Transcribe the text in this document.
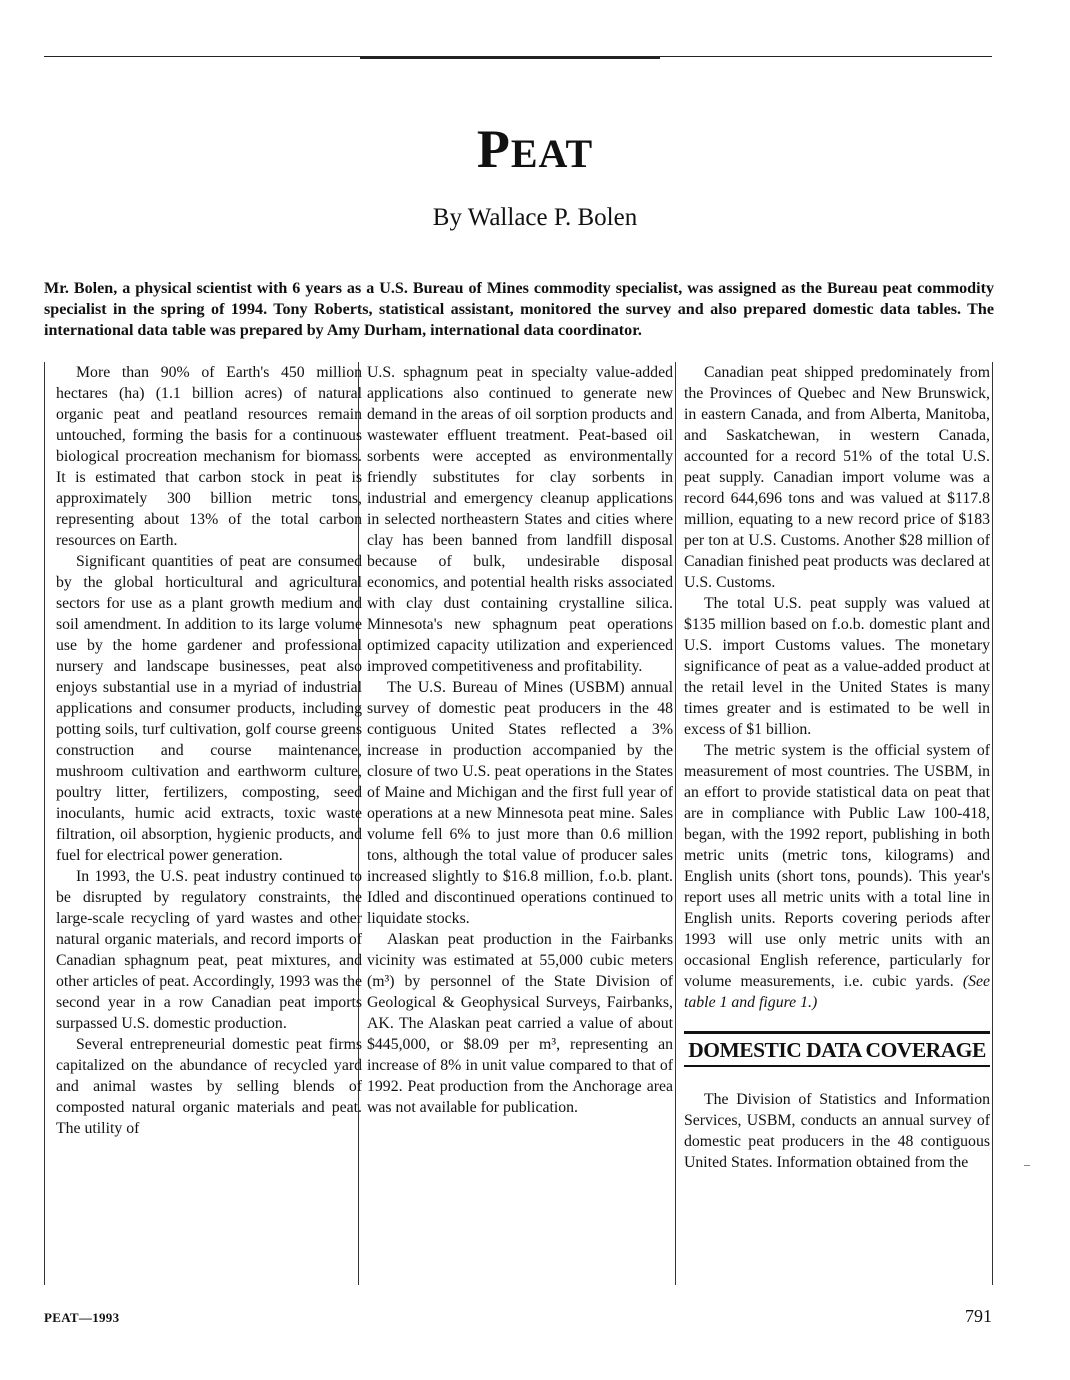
PEAT
By Wallace P. Bolen
Mr. Bolen, a physical scientist with 6 years as a U.S. Bureau of Mines commodity specialist, was assigned as the Bureau peat commodity specialist in the spring of 1994. Tony Roberts, statistical assistant, monitored the survey and also prepared domestic data tables. The international data table was prepared by Amy Durham, international data coordinator.

More than 90% of Earth's 450 million hectares (ha) (1.1 billion acres) of natural organic peat and peatland resources remain untouched, forming the basis for a continuous biological procreation mechanism for biomass. It is estimated that carbon stock in peat is approximately 300 billion metric tons, representing about 13% of the total carbon resources on Earth.

Significant quantities of peat are consumed by the global horticultural and agricultural sectors for use as a plant growth medium and soil amendment. In addition to its large volume use by the home gardener and professional nursery and landscape businesses, peat also enjoys substantial use in a myriad of industrial applications and consumer products, including potting soils, turf cultivation, golf course greens construction and course maintenance, mushroom cultivation and earthworm culture, poultry litter, fertilizers, composting, seed inoculants, humic acid extracts, toxic waste filtration, oil absorption, hygienic products, and fuel for electrical power generation.

In 1993, the U.S. peat industry continued to be disrupted by regulatory constraints, the large-scale recycling of yard wastes and other natural organic materials, and record imports of Canadian sphagnum peat, peat mixtures, and other articles of peat. Accordingly, 1993 was the second year in a row Canadian peat imports surpassed U.S. domestic production.

Several entrepreneurial domestic peat firms capitalized on the abundance of recycled yard and animal wastes by selling blends of composted natural organic materials and peat. The utility of

U.S. sphagnum peat in specialty value-added applications also continued to generate new demand in the areas of oil sorption products and wastewater effluent treatment. Peat-based oil sorbents were accepted as environmentally friendly substitutes for clay sorbents in industrial and emergency cleanup applications in selected northeastern States and cities where clay has been banned from landfill disposal because of bulk, undesirable disposal economics, and potential health risks associated with clay dust containing crystalline silica. Minnesota's new sphagnum peat operations optimized capacity utilization and experienced improved competitiveness and profitability.

The U.S. Bureau of Mines (USBM) annual survey of domestic peat producers in the 48 contiguous United States reflected a 3% increase in production accompanied by the closure of two U.S. peat operations in the States of Maine and Michigan and the first full year of operations at a new Minnesota peat mine. Sales volume fell 6% to just more than 0.6 million tons, although the total value of producer sales increased slightly to $16.8 million, f.o.b. plant. Idled and discontinued operations continued to liquidate stocks.

Alaskan peat production in the Fairbanks vicinity was estimated at 55,000 cubic meters (m³) by personnel of the State Division of Geological & Geophysical Surveys, Fairbanks, AK. The Alaskan peat carried a value of about $445,000, or $8.09 per m³, representing an increase of 8% in unit value compared to that of 1992. Peat production from the Anchorage area was not available for publication.

Canadian peat shipped predominately from the Provinces of Quebec and New Brunswick, in eastern Canada, and from Alberta, Manitoba, and Saskatchewan, in western Canada, accounted for a record 51% of the total U.S. peat supply. Canadian import volume was a record 644,696 tons and was valued at $117.8 million, equating to a new record price of $183 per ton at U.S. Customs. Another $28 million of Canadian finished peat products was declared at U.S. Customs.

The total U.S. peat supply was valued at $135 million based on f.o.b. domestic plant and U.S. import Customs values. The monetary significance of peat as a value-added product at the retail level in the United States is many times greater and is estimated to be well in excess of $1 billion.

The metric system is the official system of measurement of most countries. The USBM, in an effort to provide statistical data on peat that are in compliance with Public Law 100-418, began, with the 1992 report, publishing in both metric units (metric tons, kilograms) and English units (short tons, pounds). This year's report uses all metric units with a total line in English units. Reports covering periods after 1993 will use only metric units with an occasional English reference, particularly for volume measurements, i.e. cubic yards. (See table 1 and figure 1.)

DOMESTIC DATA COVERAGE

The Division of Statistics and Information Services, USBM, conducts an annual survey of domestic peat producers in the 48 contiguous United States. Information obtained from the

PEAT—1993	791
